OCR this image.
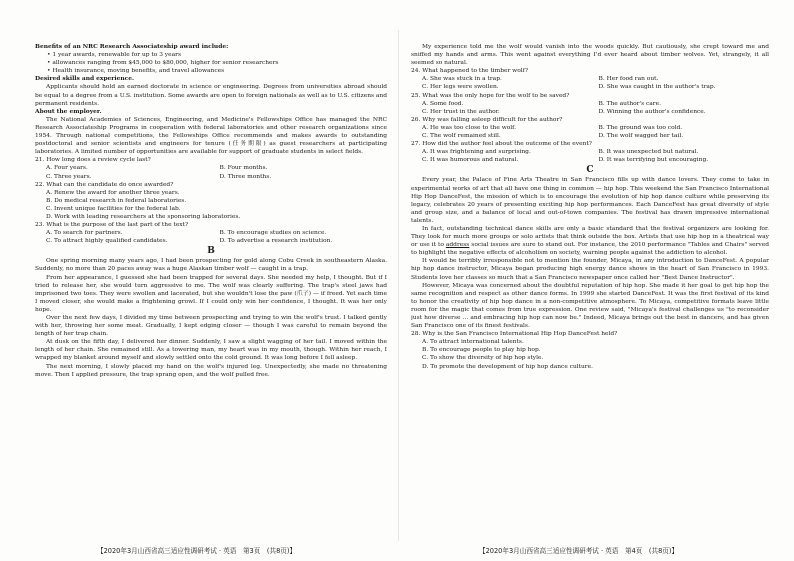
Benefits of an NRC Research Associateship award include:

• 1 year awards, renewable for up to 3 years

• allowances ranging from $45,000 to $80,000, higher for senior researchers

• Health insurance, moving benefits, and travel allowances

Desired skills and experience.

Applicants should hold an earned doctorate in science or engineering. Degrees from universities abroad should be equal to a degree from a U.S. institution. Some awards are open to foreign nationals as well as to U.S. citizens and permanent residents.

About the employer.

The National Academies of Sciences, Engineering, and Medicine's Fellowships Office has managed the NRC Research Associateship Programs in cooperation with federal laboratories and other research organizations since 1954. Through national competitions, the Fellowships Office recommends and makes awards to outstanding postdoctoral and senior scientists and engineers for tenure (任务期限) as guest researchers at participating laboratories. A limited number of opportunities are available for support of graduate students in select fields.

21. How long does a review cycle last?

A. Four years.	B. Four months.
C. Three years.	D. Three months.

22. What can the candidate do once awarded?

A. Renew the award for another three years.
B. Do medical research in federal laboratories.
C. Invent unique facilities for the federal lab.
D. Work with leading researchers at the sponsoring laboratories.

23. What is the purpose of the last part of the text?

A. To search for partners.	B. To encourage studies on science.
C. To attract highly qualified candidates.	D. To advertise a research institution.
B

One spring morning many years ago, I had been prospecting for gold along Cobu Creek in southeastern Alaska. Suddenly, no more than 20 paces away was a huge Alaskan timber wolf — caught in a trap.

From her appearance, I guessed she had been trapped for several days. She needed my help, I thought. But if I tried to release her, she would turn aggressive to me. The wolf was clearly suffering. The trap's steel jaws had imprisoned two toes. They were swollen and lacerated, but she wouldn't lose the paw (爪子) — if freed. Yet each time I moved closer, she would make a frightening growl. If I could only win her confidence, I thought. It was her only hope.

Over the next few days, I divided my time between prospecting and trying to win the wolf's trust. I talked gently with her, throwing her some meat. Gradually, I kept edging closer — though I was careful to remain beyond the length of her trap chain.

At dusk on the fifth day, I delivered her dinner. Suddenly, I saw a slight wagging of her tail. I moved within the length of her chain. She remained still. As a towering man, my heart was in my mouth, though. Within her reach, I wrapped my blanket around myself and slowly settled onto the cold ground. It was long before I fell asleep.

The next morning, I slowly placed my hand on the wolf's injured leg. Unexpectedly, she made no threatening move. Then I applied pressure, the trap sprang open, and the wolf pulled free.

My experience told me the wolf would vanish into the woods quickly. But cautiously, she crept toward me and sniffed my hands and arms. This went against everything I'd ever heard about timber wolves. Yet, strangely, it all seemed so natural.

24. What happened to the timber wolf?

A. She was stuck in a trap.	B. Her food ran out.
C. Her legs were swollen.	D. She was caught in the author's trap.

25. What was the only hope for the wolf to be saved?

A. Some food.	B. The author's care.
C. Her trust in the author.	D. Winning the author's confidence.

26. Why was falling asleep difficult for the author?

A. He was too close to the wolf.	B. The ground was too cold.
C. The wolf remained still.	D. The wolf wagged her tail.

27. How did the author feel about the outcome of the event?

A. It was frightening and surprising.	B. It was unexpected but natural.
C. It was humorous and natural.	D. It was terrifying but encouraging.
C

Every year, the Palace of Fine Arts Theatre in San Francisco fills up with dance lovers. They come to take in experimental works of art that all have one thing in common — hip hop. This weekend the San Francisco International Hip Hop DanceFest, the mission of which is to encourage the evolution of hip hop dance culture while preserving its legacy, celebrates 20 years of presenting exciting hip hop performances. Each DanceFest has great diversity of style and group size, and a balance of local and out-of-town companies. The festival has drawn impressive international talents.

In fact, outstanding technical dance skills are only a basic standard that the festival organizers are looking for. They look for much more groups or solo artists that think outside the box. Artists that use hip hop in a theatrical way or use it to address social issues are sure to stand out. For instance, the 2010 performance "Tables and Chairs" served to highlight the negative effects of alcoholism on society, warning people against the addiction to alcohol.

It would be terribly irresponsible not to mention the founder, Micaya, in any introduction to DanceFest. A popular hip hop dance instructor, Micaya began producing high energy dance shows in the heart of San Francisco in 1993. Students love her classes so much that a San Francisco newspaper once called her "Best Dance Instructor".

However, Micaya was concerned about the doubtful reputation of hip hop. She made it her goal to get hip hop the same recognition and respect as other dance forms. In 1999 she started DanceFest. It was the first festival of its kind to honor the creativity of hip hop dance in a non-competitive atmosphere. To Micaya, competitive formats leave little room for the magic that comes from true expression. One review said, "Micaya's festival challenges us "to reconsider just how diverse ... and embracing hip hop can now be." Indeed, Micaya brings out the best in dancers, and has given San Francisco one of its finest festivals.

28. Why is the San Francisco International Hip Hop DanceFest held?

A. To attract international talents.
B. To encourage people to play hip hop.
C. To show the diversity of hip hop style.
D. To promote the development of hip hop dance culture.
【2020年3月山西省高三适应性调研考试 · 英语　第3页　(共8页)】	【2020年3月山西省高三适应性调研考试 · 英语　第4页　(共8页)】
